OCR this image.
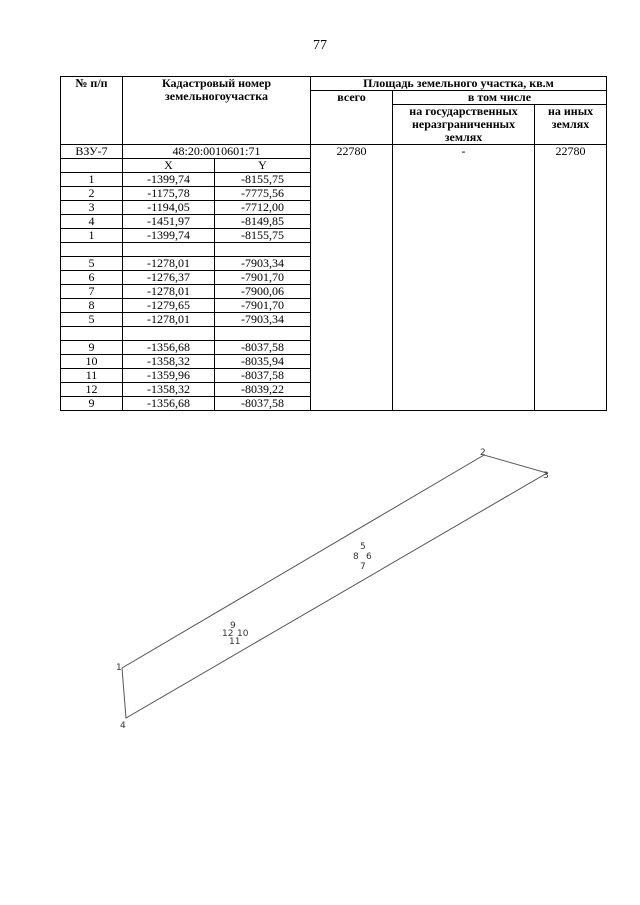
77
№ п/п	Кадастровый номер земельногоучастка		Площадь земельного участка, кв.м		
			всего	в том числе	
				на государственных неразграниченных землях	на иных землях
ВЗУ-7	48:20:0010601:71		22780	-	22780
	X	Y			
1	-1399,74	-8155,75			
2	-1175,78	-7775,56			
3	-1194,05	-7712,00			
4	-1451,97	-8149,85			
1	-1399,74	-8155,75			

5	-1278,01	-7903,34			
6	-1276,37	-7901,70			
7	-1278,01	-7900,06			
8	-1279,65	-7901,70			
5	-1278,01	-7903,34			

9	-1356,68	-8037,58			
10	-1358,32	-8035,94			
11	-1359,96	-8037,58			
12	-1358,32	-8039,22			
9	-1356,68	-8037,58			
1
2
3
4
5
8 6
7
9
12 10
11
